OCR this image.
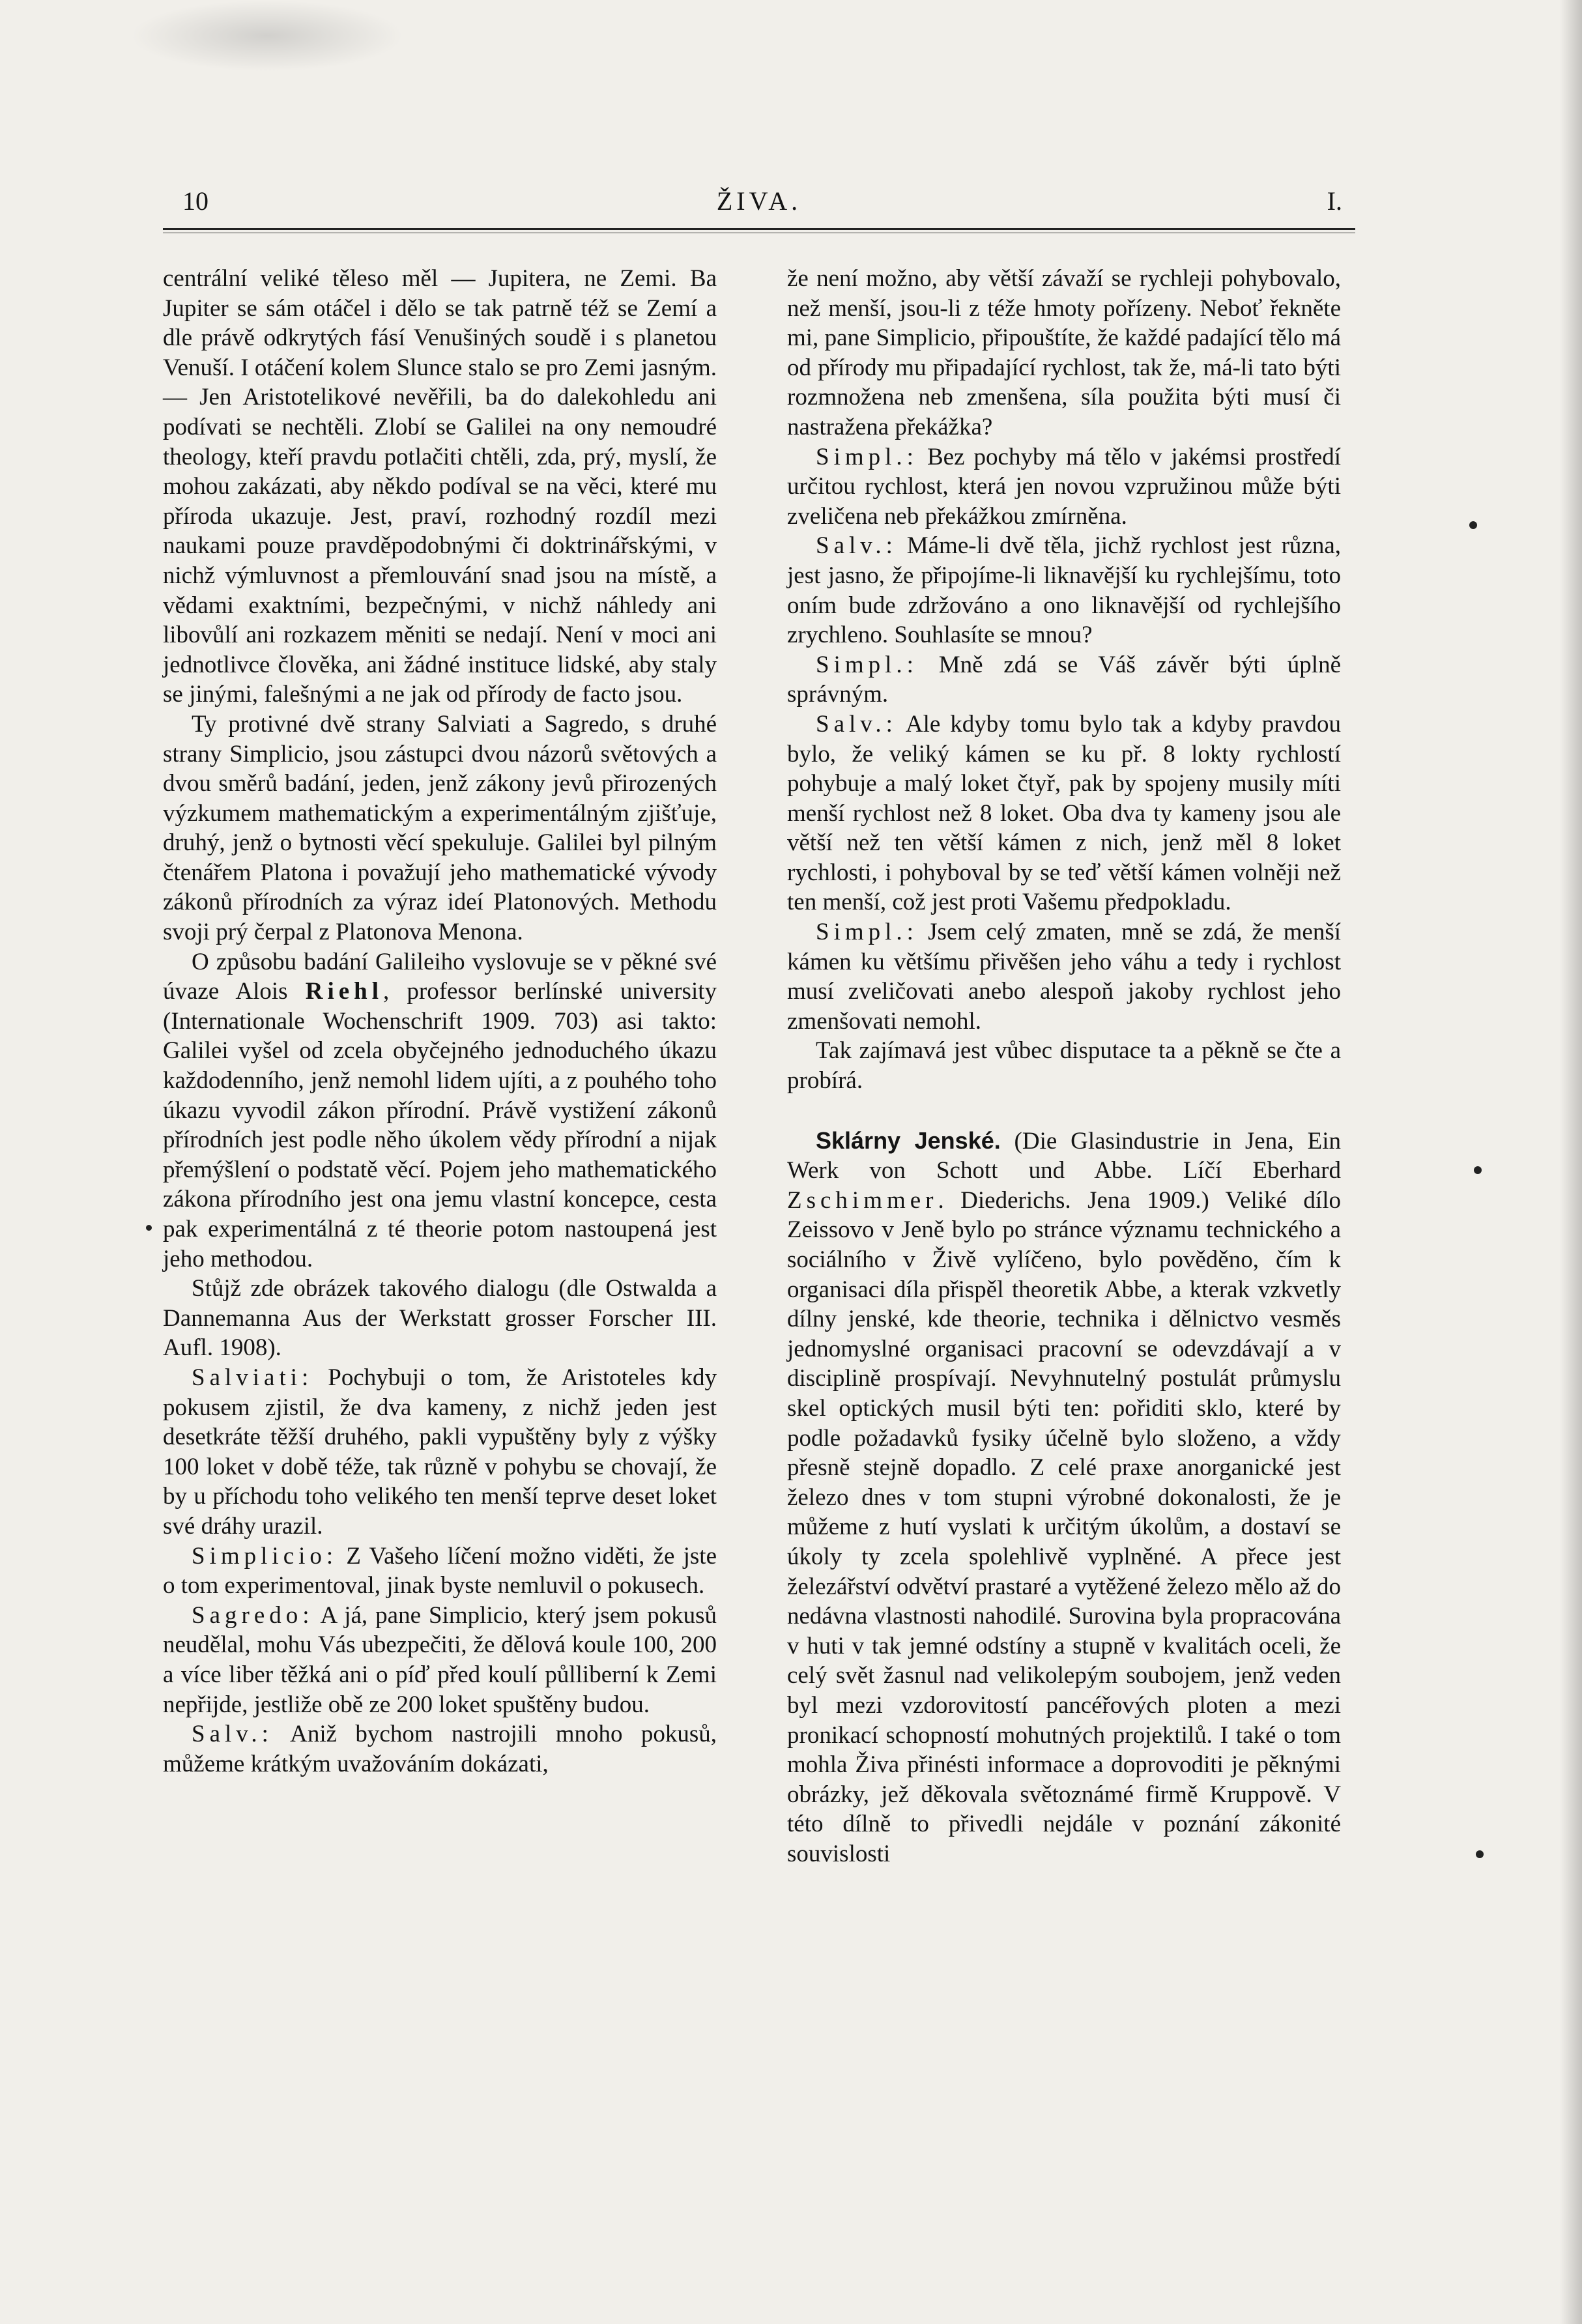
10	ŽIVA.	I.

centrální veliké těleso měl — Jupitera, ne Zemi. Ba Jupiter se sám otáčel i dělo se tak patrně též se Zemí a dle právě odkrytých fásí Venušiných soudě i s planetou Venuší. I otáčení kolem Slunce stalo se pro Zemi jasným. — Jen Aristotelikové nevěřili, ba do dalekohledu ani podívati se nechtěli. Zlobí se Galilei na ony nemoudré theology, kteří pravdu potlačiti chtěli, zda, prý, myslí, že mohou zakázati, aby někdo podíval se na věci, které mu příroda ukazuje. Jest, praví, rozhodný rozdíl mezi naukami pouze pravděpodobnými či doktrinářskými, v nichž výmluvnost a přemlouvání snad jsou na místě, a vědami exaktními, bezpečnými, v nichž náhledy ani libovůlí ani rozkazem měniti se nedají. Není v moci ani jednotlivce člověka, ani žádné instituce lidské, aby staly se jinými, falešnými a ne jak od přírody de facto jsou.

Ty protivné dvě strany Salviati a Sagredo, s druhé strany Simplicio, jsou zástupci dvou názorů světových a dvou směrů badání, jeden, jenž zákony jevů přirozených výzkumem mathematickým a experimentálným zjišťuje, druhý, jenž o bytnosti věcí spekuluje. Galilei byl pilným čtenářem Platona i považují jeho mathematické vývody zákonů přírodních za výraz ideí Platonových. Methodu svoji prý čerpal z Platonova Menona.

O způsobu badání Galileiho vyslovuje se v pěkné své úvaze Alois Riehl, professor berlínské university (Internationale Wochenschrift 1909. 703) asi takto: Galilei vyšel od zcela obyčejného jednoduchého úkazu každodenního, jenž nemohl lidem ujíti, a z pouhého toho úkazu vyvodil zákon přírodní. Právě vystižení zákonů přírodních jest podle něho úkolem vědy přírodní a nijak přemýšlení o podstatě věcí. Pojem jeho mathematického zákona přírodního jest ona jemu vlastní koncepce, cesta pak experimentálná z té theorie potom nastoupená jest jeho methodou.

Stůjž zde obrázek takového dialogu (dle Ostwalda a Dannemanna Aus der Werkstatt grosser Forscher III. Aufl. 1908).

Salviati: Pochybuji o tom, že Aristoteles kdy pokusem zjistil, že dva kameny, z nichž jeden jest desetkráte těžší druhého, pakli vypuštěny byly z výšky 100 loket v době téže, tak různě v pohybu se chovají, že by u příchodu toho velikého ten menší teprve deset loket své dráhy urazil.

Simplicio: Z Vašeho líčení možno viděti, že jste o tom experimentoval, jinak byste nemluvil o pokusech.

Sagredo: A já, pane Simplicio, který jsem pokusů neudělal, mohu Vás ubezpečiti, že dělová koule 100, 200 a více liber těžká ani o píď před koulí půlliberní k Zemi nepřijde, jestliže obě ze 200 loket spuštěny budou.

Salv.: Aniž bychom nastrojili mnoho pokusů, můžeme krátkým uvažováním dokázati,

že není možno, aby větší závaží se rychleji pohybovalo, než menší, jsou-li z téže hmoty pořízeny. Neboť řekněte mi, pane Simplicio, připouštíte, že každé padající tělo má od přírody mu připadající rychlost, tak že, má-li tato býti rozmnožena neb zmenšena, síla použita býti musí či nastražena překážka?

Simpl.: Bez pochyby má tělo v jakémsi prostředí určitou rychlost, která jen novou vzpružinou může býti zveličena neb překážkou zmírněna.

Salv.: Máme-li dvě těla, jichž rychlost jest různa, jest jasno, že připojíme-li liknavější ku rychlejšímu, toto oním bude zdržováno a ono liknavější od rychlejšího zrychleno. Souhlasíte se mnou?

Simpl.: Mně zdá se Váš závěr býti úplně správným.

Salv.: Ale kdyby tomu bylo tak a kdyby pravdou bylo, že veliký kámen se ku př. 8 lokty rychlostí pohybuje a malý loket čtyř, pak by spojeny musily míti menší rychlost než 8 loket. Oba dva ty kameny jsou ale větší než ten větší kámen z nich, jenž měl 8 loket rychlosti, i pohyboval by se teď větší kámen volněji než ten menší, což jest proti Vašemu předpokladu.

Simpl.: Jsem celý zmaten, mně se zdá, že menší kámen ku většímu přivěšen jeho váhu a tedy i rychlost musí zveličovati anebo alespoň jakoby rychlost jeho zmenšovati nemohl.

Tak zajímavá jest vůbec disputace ta a pěkně se čte a probírá.

Sklárny Jenské. (Die Glasindustrie in Jena, Ein Werk von Schott und Abbe. Líčí Eberhard Zschimmer. Diederichs. Jena 1909.) Veliké dílo Zeissovo v Jeně bylo po stránce významu technického a sociálního v Živě vylíčeno, bylo pověděno, čím k organisaci díla přispěl theoretik Abbe, a kterak vzkvetly dílny jenské, kde theorie, technika i dělnictvo vesměs jednomyslné organisaci pracovní se odevzdávají a v disciplině prospívají. Nevyhnutelný postulát průmyslu skel optických musil býti ten: pořiditi sklo, které by podle požadavků fysiky účelně bylo složeno, a vždy přesně stejně dopadlo. Z celé praxe anorganické jest železo dnes v tom stupni výrobné dokonalosti, že je můžeme z hutí vyslati k určitým úkolům, a dostaví se úkoly ty zcela spolehlivě vyplněné. A přece jest železářství odvětví prastaré a vytěžené železo mělo až do nedávna vlastnosti nahodilé. Surovina byla propracována v huti v tak jemné odstíny a stupně v kvalitách oceli, že celý svět žasnul nad velikolepým soubojem, jenž veden byl mezi vzdorovitostí pancéřových ploten a mezi pronikací schopností mohutných projektilů. I také o tom mohla Živa přinésti informace a doprovoditi je pěknými obrázky, jež děkovala světoznámé firmě Kruppově. V této dílně to přivedli nejdále v poznání zákonité souvislosti
